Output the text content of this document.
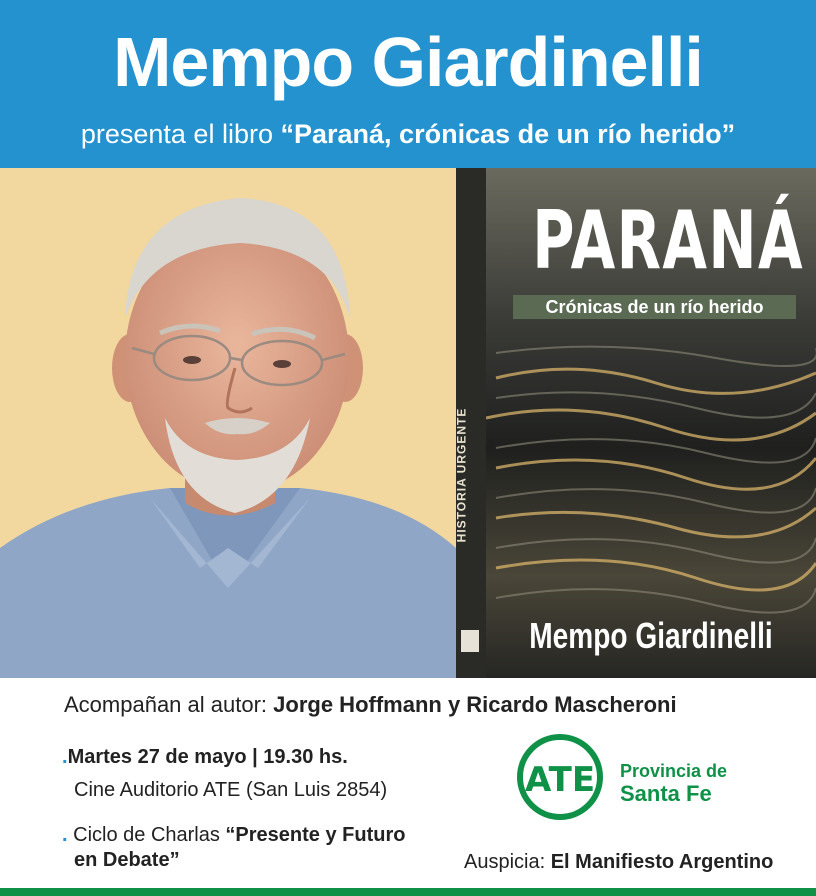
Mempo Giardinelli
presenta el libro “Paraná, crónicas de un río herido”
HISTORIA URGENTE
PARANÁ
Crónicas de un río herido
Mempo Giardinelli
Acompañan al autor: Jorge Hoffmann y Ricardo Mascheroni
.Martes 27 de mayo | 19.30 hs.
Cine Auditorio ATE (San Luis 2854)
. Ciclo de Charlas “Presente y Futuro
en Debate”
ATE Provincia de
Santa Fe
Auspicia: El Manifiesto Argentino
